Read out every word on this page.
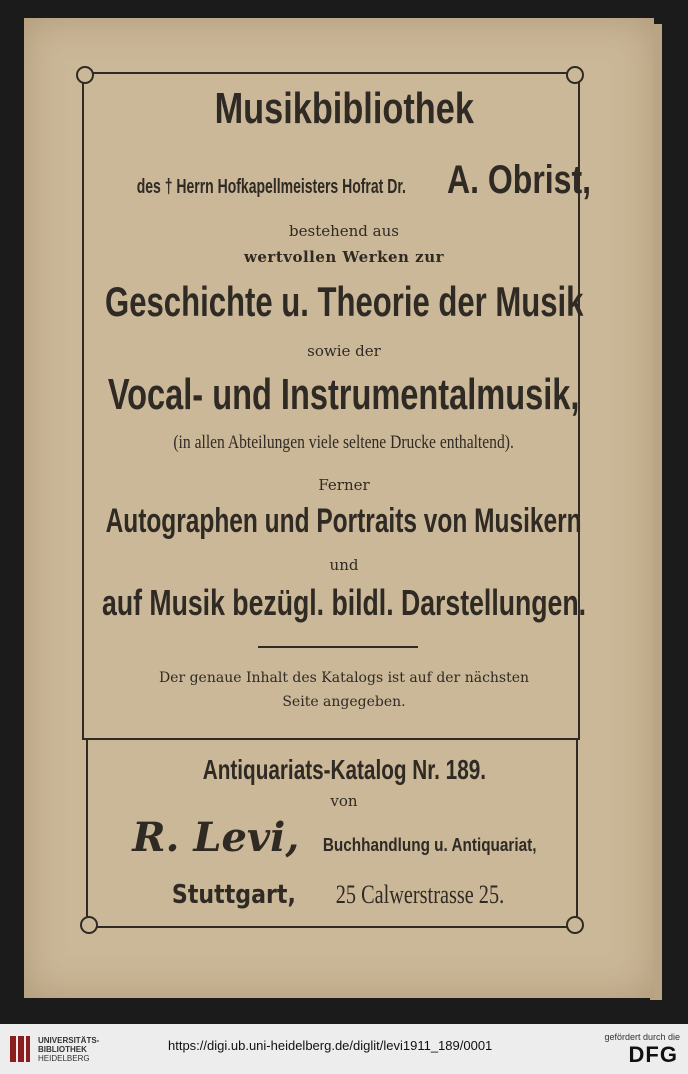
Musikbibliothek
des † Herrn Hofkapellmeisters Hofrat Dr. A. Obrist,
bestehend aus
wertvollen Werken zur
Geschichte u. Theorie der Musik
sowie der
Vocal- und Instrumentalmusik,
(in allen Abteilungen viele seltene Drucke enthaltend).
Ferner
Autographen und Portraits von Musikern
und
auf Musik bezügl. bildl. Darstellungen.
Der genaue Inhalt des Katalogs ist auf der nächsten
Seite angegeben.
Antiquariats-Katalog Nr. 189.
von
R. Levi, Buchhandlung u. Antiquariat,
Stuttgart, 25 Calwerstrasse 25.
UNIVERSITÄTS-
BIBLIOTHEK
HEIDELBERG
https://digi.ub.uni-heidelberg.de/diglit/levi1911_189/0001
gefördert durch die
DFG
